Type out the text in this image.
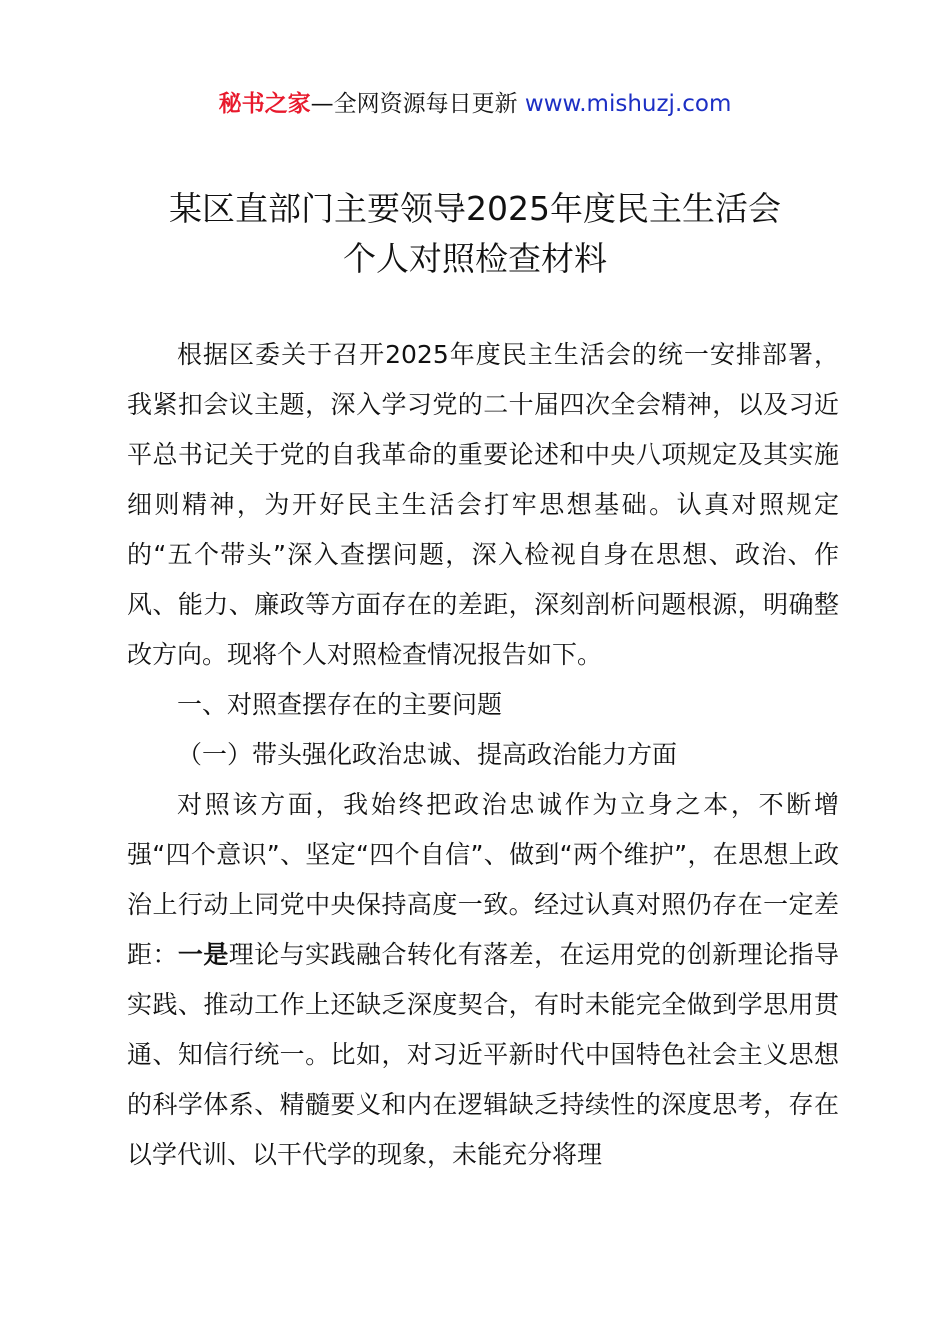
秘书之家—全网资源每日更新 www.mishuzj.com
某区直部门主要领导2025年度民主生活会
个人对照检查材料

根据区委关于召开2025年度民主生活会的统一安排部署，我紧扣会议主题，深入学习党的二十届四次全会精神，以及习近平总书记关于党的自我革命的重要论述和中央八项规定及其实施细则精神，为开好民主生活会打牢思想基础。认真对照规定的“五个带头”深入查摆问题，深入检视自身在思想、政治、作风、能力、廉政等方面存在的差距，深刻剖析问题根源，明确整改方向。现将个人对照检查情况报告如下。

一、对照查摆存在的主要问题

（一）带头强化政治忠诚、提高政治能力方面

对照该方面，我始终把政治忠诚作为立身之本，不断增强“四个意识”、坚定“四个自信”、做到“两个维护”，在思想上政治上行动上同党中央保持高度一致。经过认真对照仍存在一定差距：一是理论与实践融合转化有落差，在运用党的创新理论指导实践、推动工作上还缺乏深度契合，有时未能完全做到学思用贯通、知信行统一。比如，对习近平新时代中国特色社会主义思想的科学体系、精髓要义和内在逻辑缺乏持续性的深度思考，存在以学代训、以干代学的现象，未能充分将理
